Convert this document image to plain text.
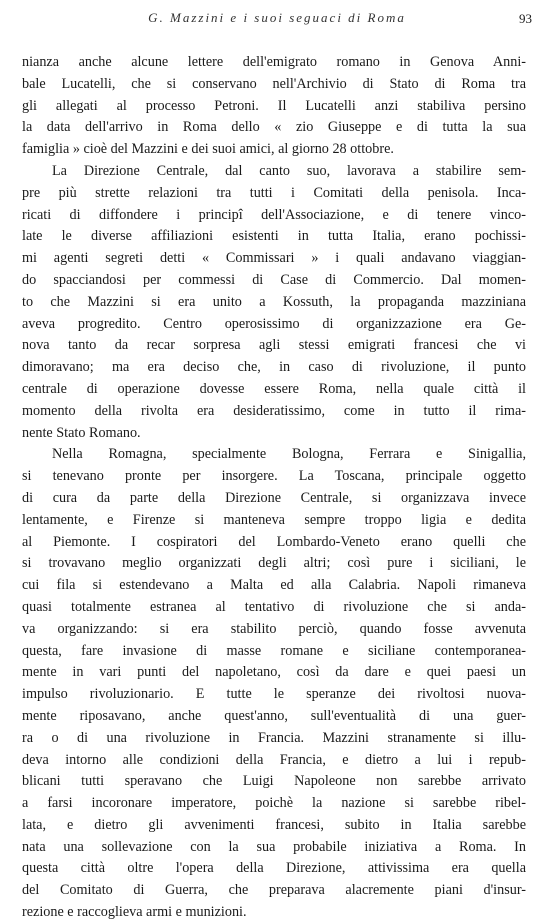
G. Mazzini e i suoi seguaci di Roma	93
nianza anche alcune lettere dell'emigrato romano in Genova Anni-
bale Lucatelli, che si conservano nell'Archivio di Stato di Roma tra
gli allegati al processo Petroni. Il Lucatelli anzi stabiliva persino
la data dell'arrivo in Roma dello « zio Giuseppe e di tutta la sua
famiglia » cioè del Mazzini e dei suoi amici, al giorno 28 ottobre.
La Direzione Centrale, dal canto suo, lavorava a stabilire sem-
pre più strette relazioni tra tutti i Comitati della penisola. Inca-
ricati di diffondere i principî dell'Associazione, e di tenere vinco-
late le diverse affiliazioni esistenti in tutta Italia, erano pochissi-
mi agenti segreti detti « Commissari » i quali andavano viaggian-
do spacciandosi per commessi di Case di Commercio. Dal momen-
to che Mazzini si era unito a Kossuth, la propaganda mazziniana
aveva progredito. Centro operosissimo di organizzazione era Ge-
nova tanto da recar sorpresa agli stessi emigrati francesi che vi
dimoravano; ma era deciso che, in caso di rivoluzione, il punto
centrale di operazione dovesse essere Roma, nella quale città il
momento della rivolta era desideratissimo, come in tutto il rima-
nente Stato Romano.
Nella Romagna, specialmente Bologna, Ferrara e Sinigallia,
si tenevano pronte per insorgere. La Toscana, principale oggetto
di cura da parte della Direzione Centrale, si organizzava invece
lentamente, e Firenze si manteneva sempre troppo ligia e dedita
al Piemonte. I cospiratori del Lombardo-Veneto erano quelli che
si trovavano meglio organizzati degli altri; così pure i siciliani, le
cui fila si estendevano a Malta ed alla Calabria. Napoli rimaneva
quasi totalmente estranea al tentativo di rivoluzione che si anda-
va organizzando: si era stabilito perciò, quando fosse avvenuta
questa, fare invasione di masse romane e siciliane contemporanea-
mente in vari punti del napoletano, così da dare e quei paesi un
impulso rivoluzionario. E tutte le speranze dei rivoltosi nuova-
mente riposavano, anche quest'anno, sull'eventualità di una guer-
ra o di una rivoluzione in Francia. Mazzini stranamente si illu-
deva intorno alle condizioni della Francia, e dietro a lui i repub-
blicani tutti speravano che Luigi Napoleone non sarebbe arrivato
a farsi incoronare imperatore, poichè la nazione si sarebbe ribel-
lata, e dietro gli avvenimenti francesi, subito in Italia sarebbe
nata una sollevazione con la sua probabile iniziativa a Roma. In
questa città oltre l'opera della Direzione, attivissima era quella
del Comitato di Guerra, che preparava alacremente piani d'insur-
rezione e raccoglieva armi e munizioni.
